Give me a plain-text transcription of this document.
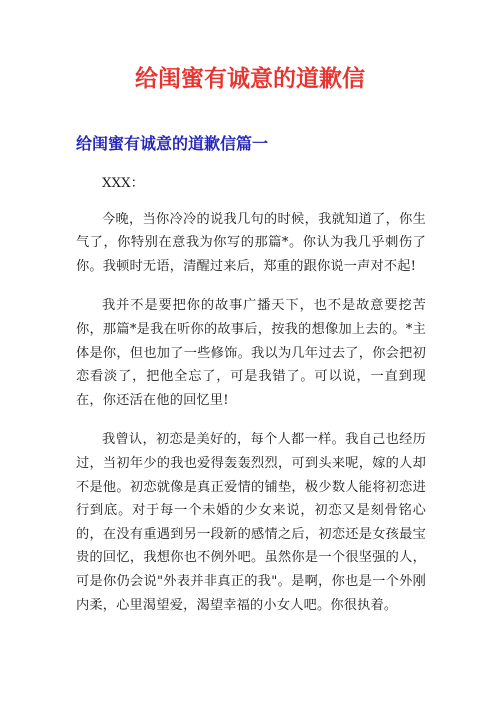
给闺蜜有诚意的道歉信
给闺蜜有诚意的道歉信篇一

XXX：

今晚，当你冷冷的说我几句的时候，我就知道了，你生气了，你特别在意我为你写的那篇*。你认为我几乎刺伤了你。我顿时无语，清醒过来后，郑重的跟你说一声对不起!

我并不是要把你的故事广播天下，也不是故意要挖苦你，那篇*是我在听你的故事后，按我的想像加上去的。*主体是你，但也加了一些修饰。我以为几年过去了，你会把初恋看淡了，把他全忘了，可是我错了。可以说，一直到现在，你还活在他的回忆里!

我曾认，初恋是美好的，每个人都一样。我自己也经历过，当初年少的我也爱得轰轰烈烈，可到头来呢，嫁的人却不是他。初恋就像是真正爱情的铺垫，极少数人能将初恋进行到底。对于每一个未婚的少女来说，初恋又是刻骨铭心的，在没有重遇到另一段新的感情之后，初恋还是女孩最宝贵的回忆，我想你也不例外吧。虽然你是一个很坚强的人，可是你仍会说"外表并非真正的我"。是啊，你也是一个外刚内柔，心里渴望爱，渴望幸福的小女人吧。你很执着。
